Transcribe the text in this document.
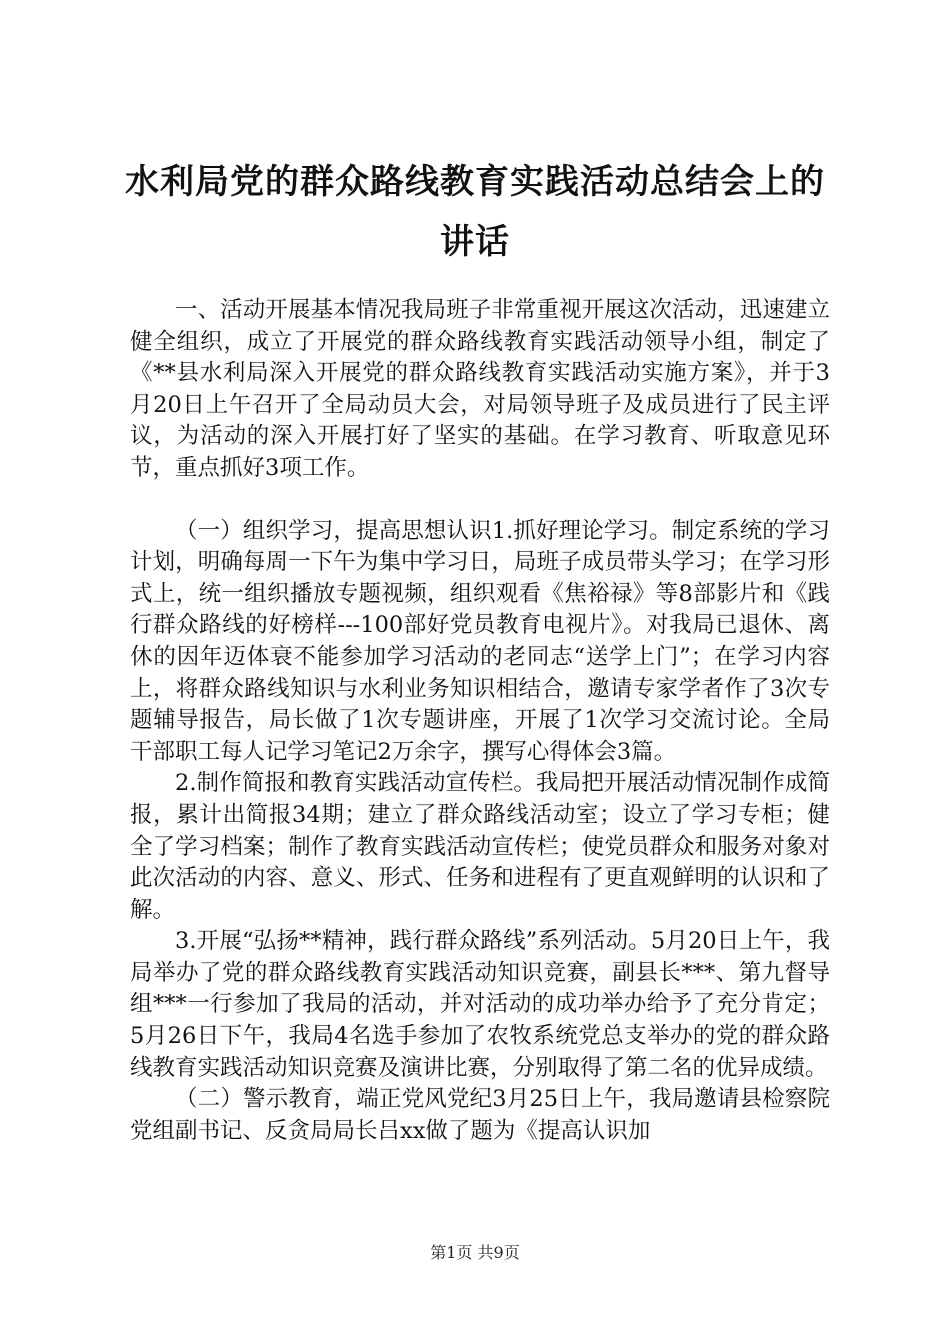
水利局党的群众路线教育实践活动总结会上的
讲话

一、活动开展基本情况我局班子非常重视开展这次活动，迅速建立健全组织，成立了开展党的群众路线教育实践活动领导小组，制定了《**县水利局深入开展党的群众路线教育实践活动实施方案》，并于3月20日上午召开了全局动员大会，对局领导班子及成员进行了民主评议，为活动的深入开展打好了坚实的基础。在学习教育、听取意见环节，重点抓好3项工作。

（一）组织学习，提高思想认识1.抓好理论学习。制定系统的学习计划，明确每周一下午为集中学习日，局班子成员带头学习；在学习形式上，统一组织播放专题视频，组织观看《焦裕禄》等8部影片和《践行群众路线的好榜样---100部好党员教育电视片》。对我局已退休、离休的因年迈体衰不能参加学习活动的老同志“送学上门”；在学习内容上，将群众路线知识与水利业务知识相结合，邀请专家学者作了3次专题辅导报告，局长做了1次专题讲座，开展了1次学习交流讨论。全局干部职工每人记学习笔记2万余字，撰写心得体会3篇。

2.制作简报和教育实践活动宣传栏。我局把开展活动情况制作成简报，累计出简报34期；建立了群众路线活动室；设立了学习专柜；健全了学习档案；制作了教育实践活动宣传栏；使党员群众和服务对象对此次活动的内容、意义、形式、任务和进程有了更直观鲜明的认识和了解。

3.开展“弘扬**精神，践行群众路线”系列活动。5月20日上午，我局举办了党的群众路线教育实践活动知识竞赛，副县长***、第九督导组***一行参加了我局的活动，并对活动的成功举办给予了充分肯定；5月26日下午，我局4名选手参加了农牧系统党总支举办的党的群众路线教育实践活动知识竞赛及演讲比赛，分别取得了第二名的优异成绩。

（二）警示教育，端正党风党纪3月25日上午，我局邀请县检察院党组副书记、反贪局局长吕xx做了题为《提高认识加

第1页 共9页
